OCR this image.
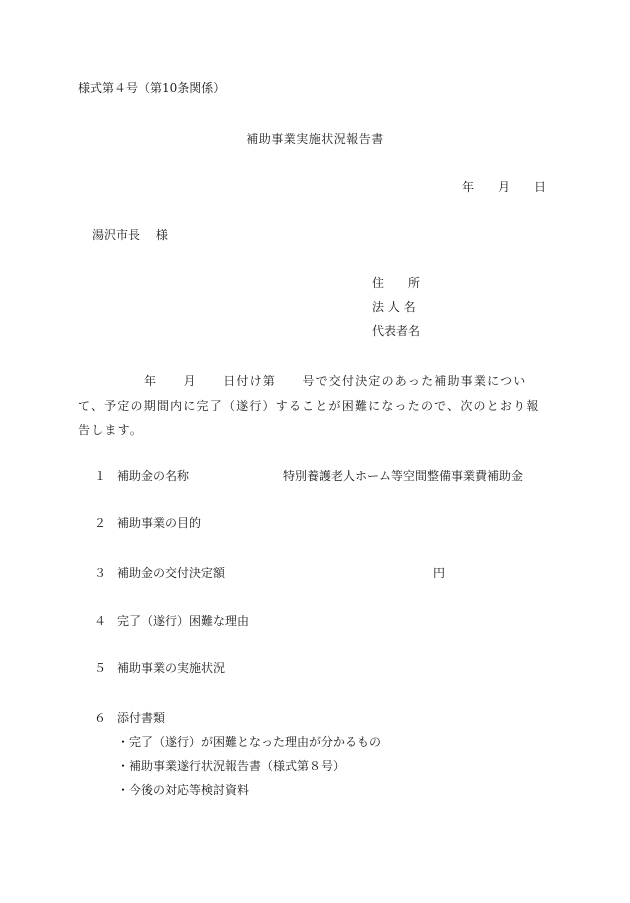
様式第４号（第10条関係）
補助事業実施状況報告書
年　　月　　日
湯沢市長　 様
住　　所
法 人 名
代表者名
　　　　　年　　月　　日付け第　　号で交付決定のあった補助事業につい
て、予定の期間内に完了（遂行）することが困難になったので、次のとおり報
告します。
１ 補助金の名称	特別養護老人ホーム等空間整備事業費補助金
２ 補助事業の目的
３ 補助金の交付決定額	円
４ 完了（遂行）困難な理由
５ 補助事業の実施状況
６ 添付書類
・完了（遂行）が困難となった理由が分かるもの
・補助事業遂行状況報告書（様式第８号）
・今後の対応等検討資料
